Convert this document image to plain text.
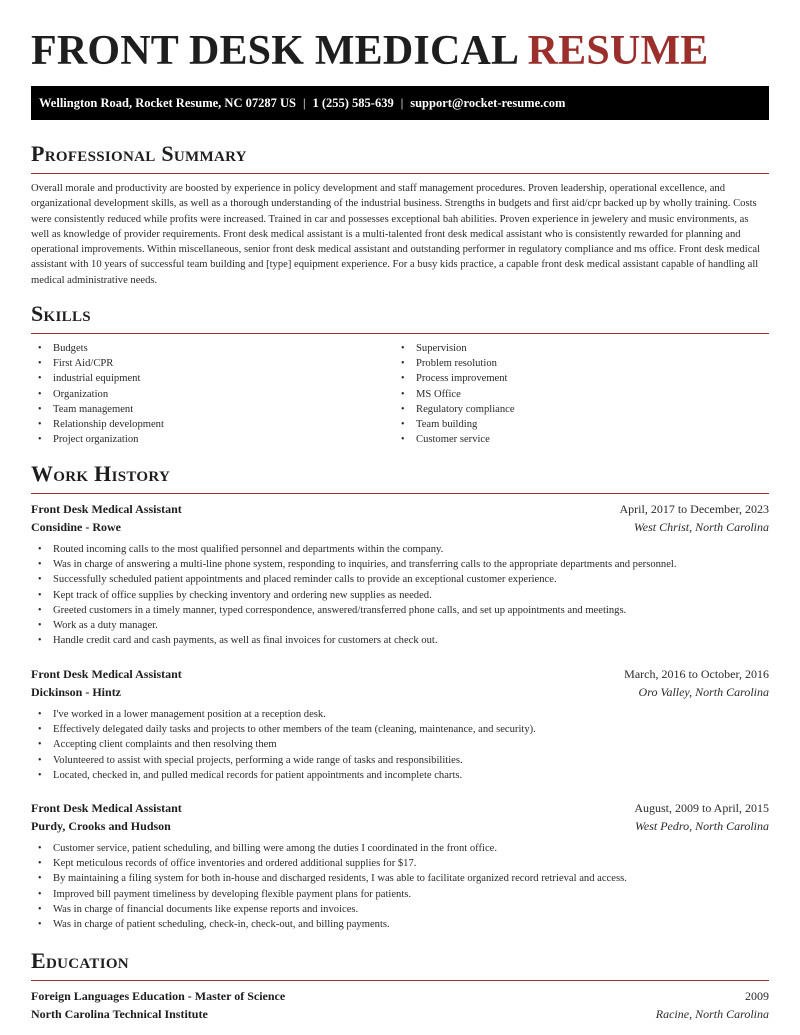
FRONT DESK MEDICAL RESUME
Wellington Road, Rocket Resume, NC 07287 US | 1 (255) 585-639 | support@rocket-resume.com
Professional Summary

Overall morale and productivity are boosted by experience in policy development and staff management procedures. Proven leadership, operational excellence, and organizational development skills, as well as a thorough understanding of the industrial business. Strengths in budgets and first aid/cpr backed up by wholly training. Costs were consistently reduced while profits were increased. Trained in car and possesses exceptional bah abilities. Proven experience in jewelery and music environments, as well as knowledge of provider requirements. Front desk medical assistant is a multi-talented front desk medical assistant who is consistently rewarded for planning and operational improvements. Within miscellaneous, senior front desk medical assistant and outstanding performer in regulatory compliance and ms office. Front desk medical assistant with 10 years of successful team building and [type] equipment experience. For a busy kids practice, a capable front desk medical assistant capable of handling all medical administrative needs.

Skills
• Budgets
• First Aid/CPR
• industrial equipment
• Organization
• Team management
• Relationship development
• Project organization
• Supervision
• Problem resolution
• Process improvement
• MS Office
• Regulatory compliance
• Team building
• Customer service
Work History
Front Desk Medical Assistant	April, 2017 to December, 2023
Considine - Rowe	West Christ, North Carolina
• Routed incoming calls to the most qualified personnel and departments within the company.
• Was in charge of answering a multi-line phone system, responding to inquiries, and transferring calls to the appropriate departments and personnel.
• Successfully scheduled patient appointments and placed reminder calls to provide an exceptional customer experience.
• Kept track of office supplies by checking inventory and ordering new supplies as needed.
• Greeted customers in a timely manner, typed correspondence, answered/transferred phone calls, and set up appointments and meetings.
• Work as a duty manager.
• Handle credit card and cash payments, as well as final invoices for customers at check out.
Front Desk Medical Assistant	March, 2016 to October, 2016
Dickinson - Hintz	Oro Valley, North Carolina
• I've worked in a lower management position at a reception desk.
• Effectively delegated daily tasks and projects to other members of the team (cleaning, maintenance, and security).
• Accepting client complaints and then resolving them
• Volunteered to assist with special projects, performing a wide range of tasks and responsibilities.
• Located, checked in, and pulled medical records for patient appointments and incomplete charts.
Front Desk Medical Assistant	August, 2009 to April, 2015
Purdy, Crooks and Hudson	West Pedro, North Carolina
• Customer service, patient scheduling, and billing were among the duties I coordinated in the front office.
• Kept meticulous records of office inventories and ordered additional supplies for $17.
• By maintaining a filing system for both in-house and discharged residents, I was able to facilitate organized record retrieval and access.
• Improved bill payment timeliness by developing flexible payment plans for patients.
• Was in charge of financial documents like expense reports and invoices.
• Was in charge of patient scheduling, check-in, check-out, and billing payments.
Education
Foreign Languages Education - Master of Science	2009
North Carolina Technical Institute	Racine, North Carolina
